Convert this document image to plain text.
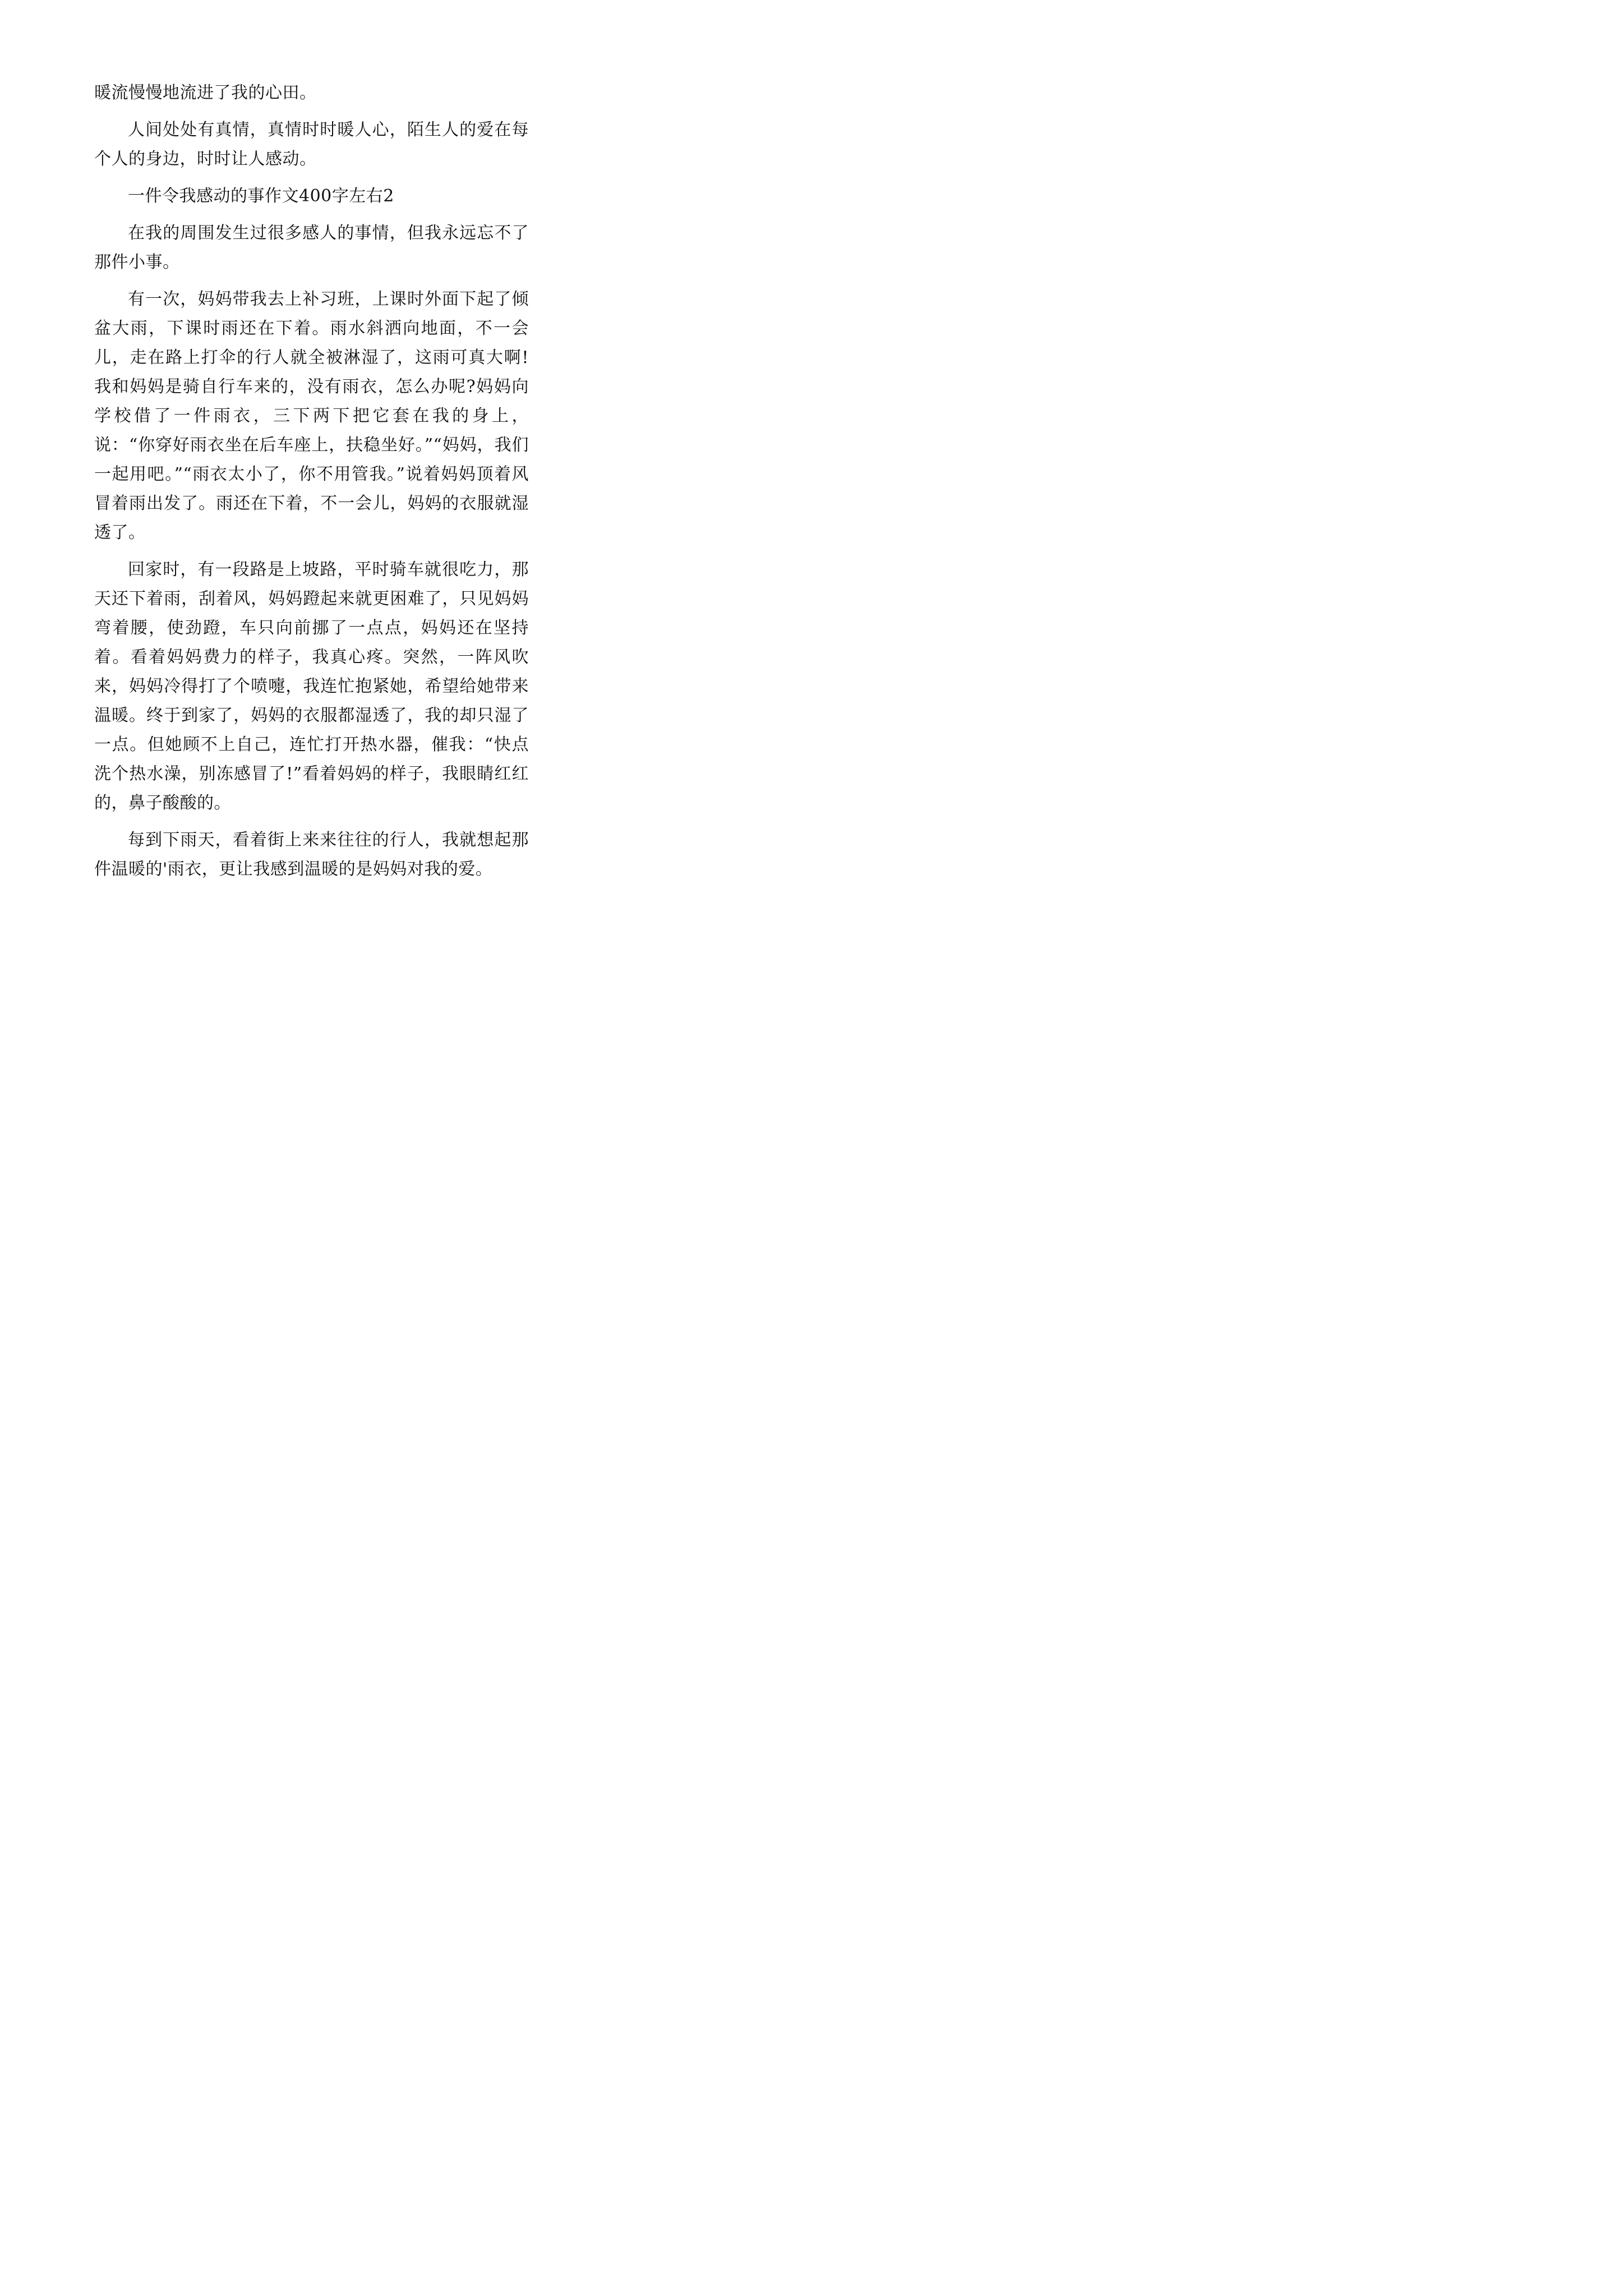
暖流慢慢地流进了我的心田。

人间处处有真情，真情时时暖人心，陌生人的爱在每个人的身边，时时让人感动。

一件令我感动的事作文400字左右2

在我的周围发生过很多感人的事情，但我永远忘不了那件小事。

有一次，妈妈带我去上补习班，上课时外面下起了倾盆大雨，下课时雨还在下着。雨水斜洒向地面，不一会儿，走在路上打伞的行人就全被淋湿了，这雨可真大啊!我和妈妈是骑自行车来的，没有雨衣，怎么办呢?妈妈向学校借了一件雨衣，三下两下把它套在我的身上，说：“你穿好雨衣坐在后车座上，扶稳坐好。”“妈妈，我们一起用吧。”“雨衣太小了，你不用管我。”说着妈妈顶着风冒着雨出发了。雨还在下着，不一会儿，妈妈的衣服就湿透了。

回家时，有一段路是上坡路，平时骑车就很吃力，那天还下着雨，刮着风，妈妈蹬起来就更困难了，只见妈妈弯着腰，使劲蹬，车只向前挪了一点点，妈妈还在坚持着。看着妈妈费力的样子，我真心疼。突然，一阵风吹来，妈妈冷得打了个喷嚏，我连忙抱紧她，希望给她带来温暖。终于到家了，妈妈的衣服都湿透了，我的却只湿了一点。但她顾不上自己，连忙打开热水器，催我：“快点洗个热水澡，别冻感冒了!”看着妈妈的样子，我眼睛红红的，鼻子酸酸的。

每到下雨天，看着街上来来往往的行人，我就想起那件温暖的'雨衣，更让我感到温暖的是妈妈对我的爱。
